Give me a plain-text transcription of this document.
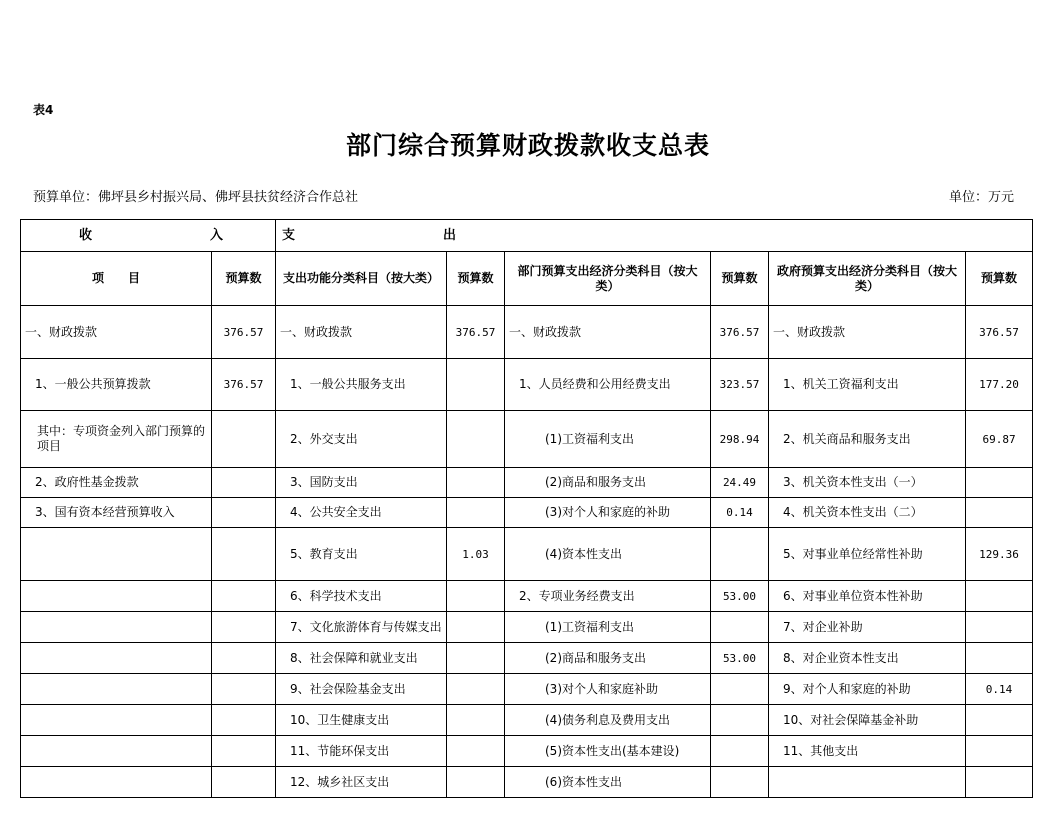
表4
部门综合预算财政拨款收支总表
预算单位：佛坪县乡村振兴局、佛坪县扶贫经济合作总社	单位：万元
收 入		支 出					
项　　目	预算数	支出功能分类科目（按大类）	预算数	部门预算支出经济分类科目（按大类）	预算数	政府预算支出经济分类科目（按大类）	预算数
一、财政拨款	376.57	一、财政拨款	376.57	一、财政拨款	376.57	一、财政拨款	376.57
1、一般公共预算拨款	376.57	1、一般公共服务支出		1、人员经费和公用经费支出	323.57	1、机关工资福利支出	177.20
其中：专项资金列入部门预算的项目		2、外交支出		(1)工资福利支出	298.94	2、机关商品和服务支出	69.87
2、政府性基金拨款		3、国防支出		(2)商品和服务支出	24.49	3、机关资本性支出（一）	
3、国有资本经营预算收入		4、公共安全支出		(3)对个人和家庭的补助	0.14	4、机关资本性支出（二）	
		5、教育支出	1.03	(4)资本性支出		5、对事业单位经常性补助	129.36
		6、科学技术支出		2、专项业务经费支出	53.00	6、对事业单位资本性补助	
		7、文化旅游体育与传媒支出		(1)工资福利支出		7、对企业补助	
		8、社会保障和就业支出		(2)商品和服务支出	53.00	8、对企业资本性支出	
		9、社会保险基金支出		(3)对个人和家庭补助		9、对个人和家庭的补助	0.14
		10、卫生健康支出		(4)债务利息及费用支出		10、对社会保障基金补助	
		11、节能环保支出		(5)资本性支出(基本建设)		11、其他支出	
		12、城乡社区支出		(6)资本性支出			
